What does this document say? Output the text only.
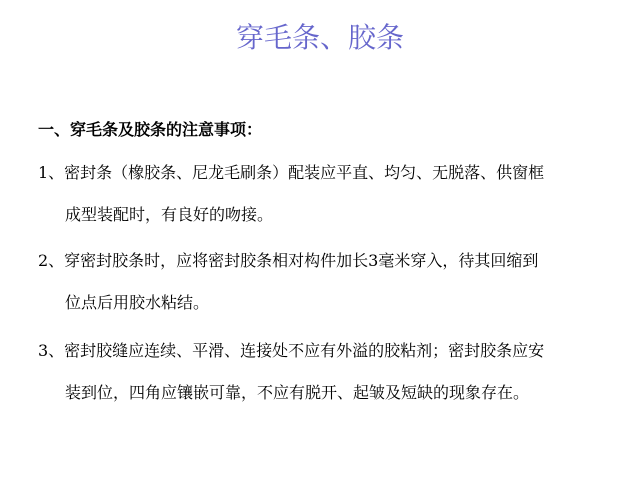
穿毛条、胶条

一、穿毛条及胶条的注意事项：

1、密封条（橡胶条、尼龙毛刷条）配装应平直、均匀、无脱落、供窗框
成型装配时，有良好的吻接。
2、穿密封胶条时，应将密封胶条相对构件加长3毫米穿入，待其回缩到
位点后用胶水粘结。
3、密封胶缝应连续、平滑、连接处不应有外溢的胶粘剂；密封胶条应安
装到位，四角应镶嵌可靠，不应有脱开、起皱及短缺的现象存在。
